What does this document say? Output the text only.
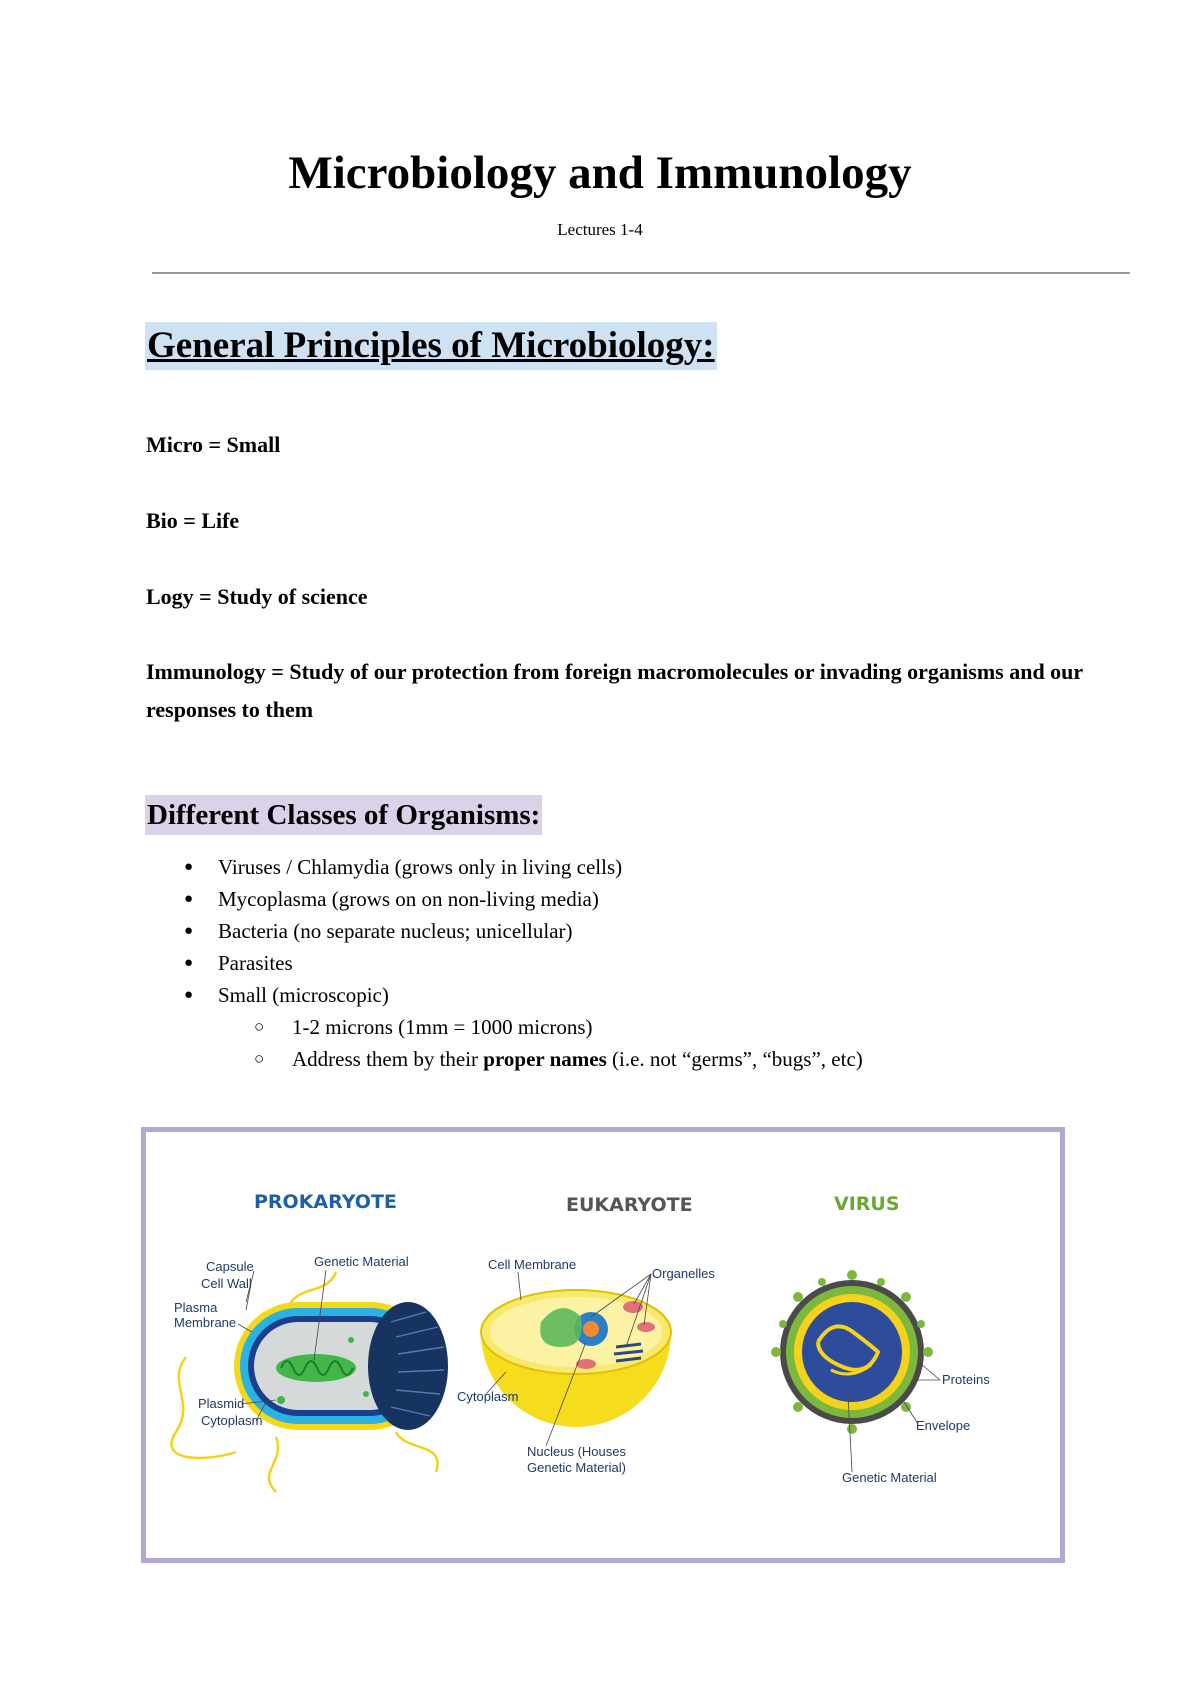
Microbiology and Immunology
Lectures 1-4
General Principles of Microbiology:

Micro = Small

Bio = Life

Logy = Study of science

Immunology = Study of our protection from foreign macromolecules or invading organisms and our responses to them

Different Classes of Organisms:
● Viruses / Chlamydia (grows only in living cells)
● Mycoplasma (grows on on non-living media)
● Bacteria (no separate nucleus; unicellular)
● Parasites
● Small (microscopic)
○ 1-2 microns (1mm = 1000 microns)
○ Address them by their proper names (i.e. not “germs”, “bugs”, etc)
PROKARYOTE
Capsule
Cell Wall
Plasma
Membrane
Genetic Material
Plasmid
Cytoplasm
EUKARYOTE
Cell Membrane
Organelles
Cytoplasm
Nucleus (Houses
Genetic Material)
VIRUS
Proteins
Envelope
Genetic Material
